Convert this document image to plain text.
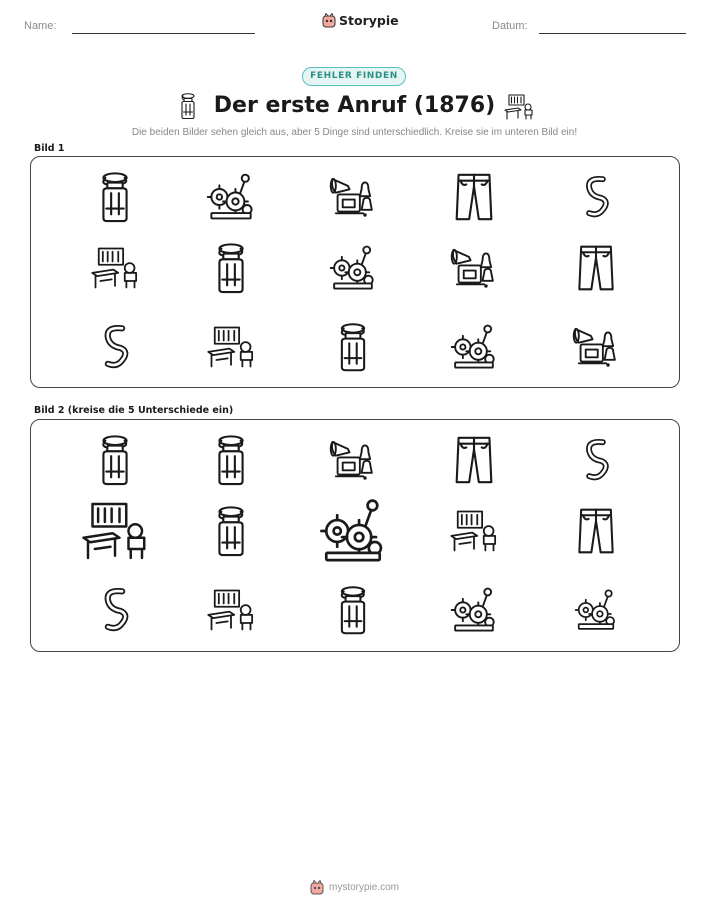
Name:	Storypie	Datum:
FEHLER FINDEN
Der erste Anruf (1876)
Die beiden Bilder sehen gleich aus, aber 5 Dinge sind unterschiedlich. Kreise sie im unteren Bild ein!
Bild 1
Bild 2 (kreise die 5 Unterschiede ein)
mystorypie.com
